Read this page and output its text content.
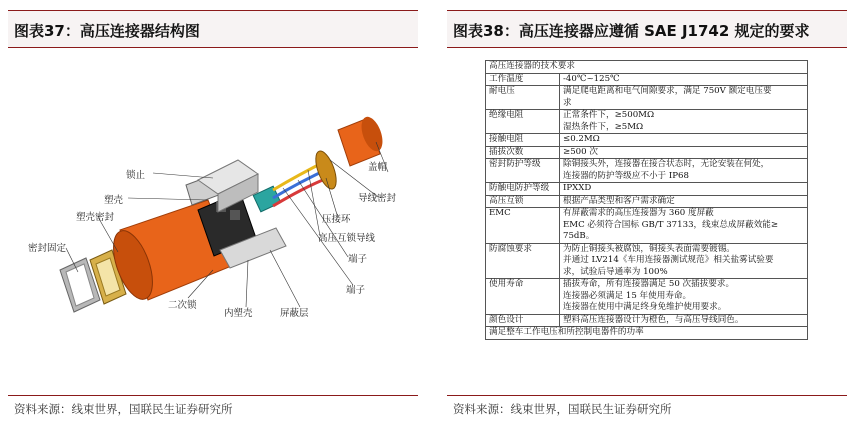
图表37：高压连接器结构图
盖帽
导线密封
压接环
高压互锁导线
端子
端子
锁止
塑壳
塑壳密封
密封固定
二次锁
内塑壳	屏蔽层
资料来源：线束世界，国联民生证券研究所
图表38：高压连接器应遵循 SAE J1742 规定的要求
高压连接器的技术要求	
工作温度	-40℃~125℃

耐电压	满足爬电距离和电气间隙要求，满足 750V 额定电压要
求

绝缘电阻	正常条件下，≥500MΩ
湿热条件下，≥5MΩ

接触电阻	≤0.2MΩ

插拔次数	≥500 次

密封防护等级	除铜接头外，连接器在接合状态时，无论安装在何处，
连接器的防护等级应不小于 IP68

防触电防护等级	IPXXD

高压互锁	根据产品类型和客户需求确定

EMC	有屏蔽需求的高压连接器为 360 度屏蔽
EMC 必须符合国标 GB/T 37133，线束总成屏蔽效能≥
75dB。

防腐蚀要求	为防止铜接头被腐蚀，铜接头表面需要镀锡。
并通过 LV214《车用连接器测试规范》相关盐雾试验要
求，试验后导通率为 100%

使用寿命	插拔寿命，所有连接器满足 50 次插拔要求。
连接器必须满足 15 年使用寿命。
连接器在使用中满足终身免维护使用要求。

颜色设计	塑料高压连接器设计为橙色，与高压导线同色。

满足整车工作电压和所控制电器件的功率	
资料来源：线束世界，国联民生证券研究所
